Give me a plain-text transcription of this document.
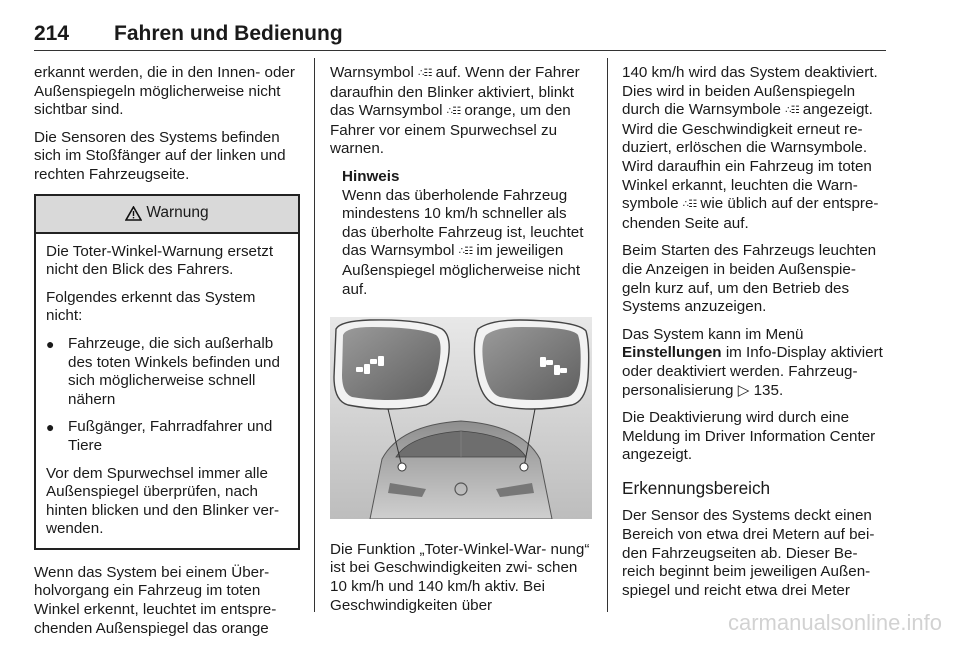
214 Fahren und Bedienung

erkannt werden, die in den Innen- oder Außenspiegeln möglicherweise nicht sichtbar sind.

Die Sensoren des Systems befinden sich im Stoßfänger auf der linken und rechten Fahrzeugseite.

Warnung

Die Toter-Winkel-Warnung ersetzt nicht den Blick des Fahrers.

Folgendes erkennt das System nicht:

● Fahrzeuge, die sich außerhalb des toten Winkels befinden und sich möglicherweise schnell nähern
● Fußgänger, Fahrradfahrer und Tiere

Vor dem Spurwechsel immer alle Außenspiegel überprüfen, nach hinten blicken und den Blinker ver- wenden.

Wenn das System bei einem Über- holvorgang ein Fahrzeug im toten Winkel erkennt, leuchtet im entspre- chenden Außenspiegel das orange

Warnsymbol ∴☷ auf. Wenn der Fahrer daraufhin den Blinker aktiviert, blinkt das Warnsymbol ∴☷ orange, um den Fahrer vor einem Spurwechsel zu warnen.

Hinweis
Wenn das überholende Fahrzeug mindestens 10 km/h schneller als das überholte Fahrzeug ist, leuchtet das Warnsymbol ∴☷ im jeweiligen Außenspiegel möglicherweise nicht auf.

Die Funktion „Toter-Winkel-War- nung“ ist bei Geschwindigkeiten zwi- schen 10 km/h und 140 km/h aktiv. Bei Geschwindigkeiten über

140 km/h wird das System deaktiviert. Dies wird in beiden Außenspiegeln durch die Warnsymbole ∴☷ angezeigt. Wird die Geschwindigkeit erneut re- duziert, erlöschen die Warnsymbole. Wird daraufhin ein Fahrzeug im toten Winkel erkannt, leuchten die Warn- symbole ∴☷ wie üblich auf der entspre- chenden Seite auf.

Beim Starten des Fahrzeugs leuchten die Anzeigen in beiden Außenspie- geln kurz auf, um den Betrieb des Systems anzuzeigen.

Das System kann im Menü Einstellungen im Info-Display aktiviert oder deaktiviert werden. Fahrzeug- personalisierung ▷ 135.

Die Deaktivierung wird durch eine Meldung im Driver Information Center angezeigt.

Erkennungsbereich

Der Sensor des Systems deckt einen Bereich von etwa drei Metern auf bei- den Fahrzeugseiten ab. Dieser Be- reich beginnt beim jeweiligen Außen- spiegel und reicht etwa drei Meter

carmanualsonline.info
